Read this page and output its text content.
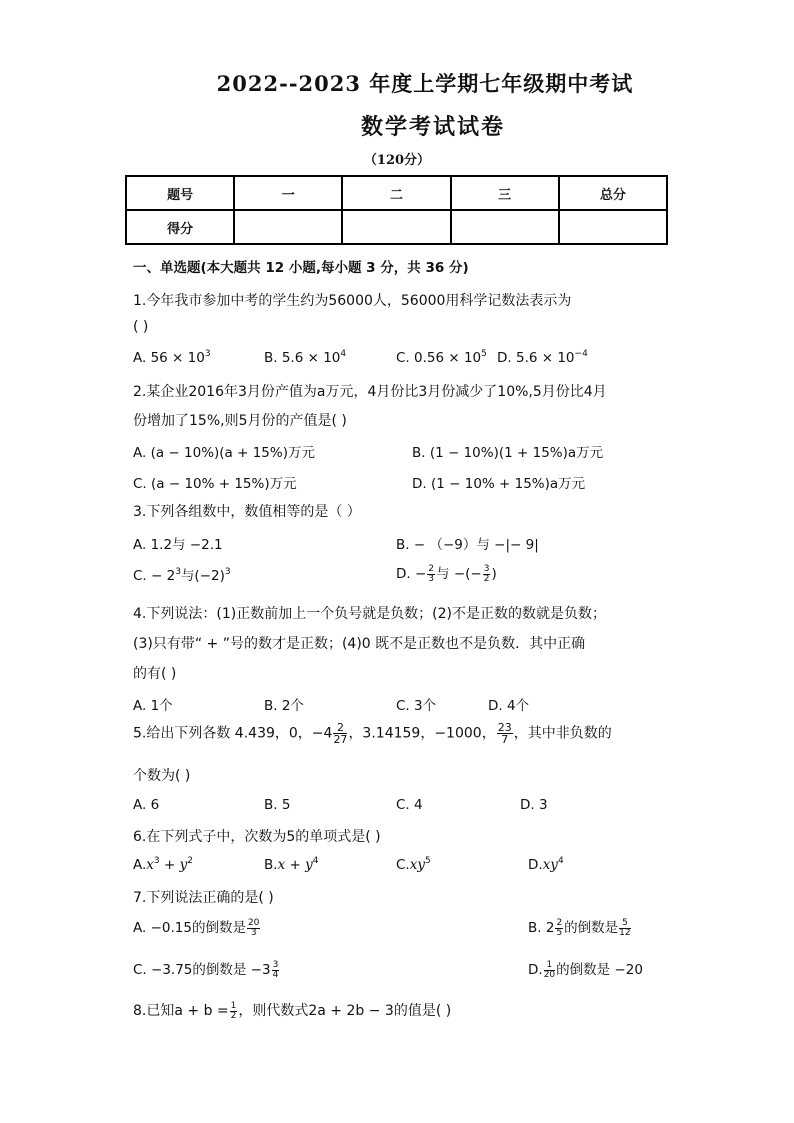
2022--2023 年度上学期七年级期中考试
数学考试试卷
（120分）
题号	一	二	三	总分
得分				
一、单选题(本大题共 12 小题,每小题 3 分，共 36 分)
1.今年我市参加中考的学生约为56000人，56000用科学记数法表示为
( )
A. $56 \times 10^3$	B. $5.6 \times 10^4$	C. $0.56 \times 10^5$ D. $5.6 \times 10^{-4}$
2.某企业2016年3月份产值为a万元，4月份比3月份减少了10%,5月份比4月
份增加了15%,则5月份的产值是( )
A. (a − 10%)(a + 15%)万元	B. (1 − 10%)(1 + 15%)a万元
C. (a − 10% + 15%)万元	D. (1 − 10% + 15%)a万元
3.下列各组数中，数值相等的是（ ）
A. 1.2与 −2.1	B. − （−9）与 −|− 9|
C. − $2^3$与$(-2)^3$	D. − $\frac{2}{3}$ 与 −(− $\frac{3}{2}$ )
4.下列说法：(1)正数前加上一个负号就是负数；(2)不是正数的数就是负数；
(3)只有带“ + ”号的数才是正数；(4)0 既不是正数也不是负数．其中正确
的有( )
A. 1个	B. 2个	C. 3个	D. 4个
5.给出下列各数 4.439，0，$-4 \frac{2}{27}$ ，3.14159，−1000， $\frac{23}{7}$ ，其中非负数的
个数为( )
A. 6	B. 5	C. 4	D. 3
6.在下列式子中，次数为5的单项式是( )
$A.x^3 + y^2$	$B.x + y^4$	$C.xy^5$	$D.xy^4$
7.下列说法正确的是( )
A. −0.15的倒数是 $\frac{20}{3}$	B. $2 \frac{2}{5}$ 的倒数是 $\frac{5}{12}$
C. −3.75的倒数是 $-3 \frac{3}{4}$	D. $\frac{1}{20}$ 的倒数是 −20
8.已知$a + b = \frac{1}{2}$ ，则代数式2a + 2b − 3的值是( )
